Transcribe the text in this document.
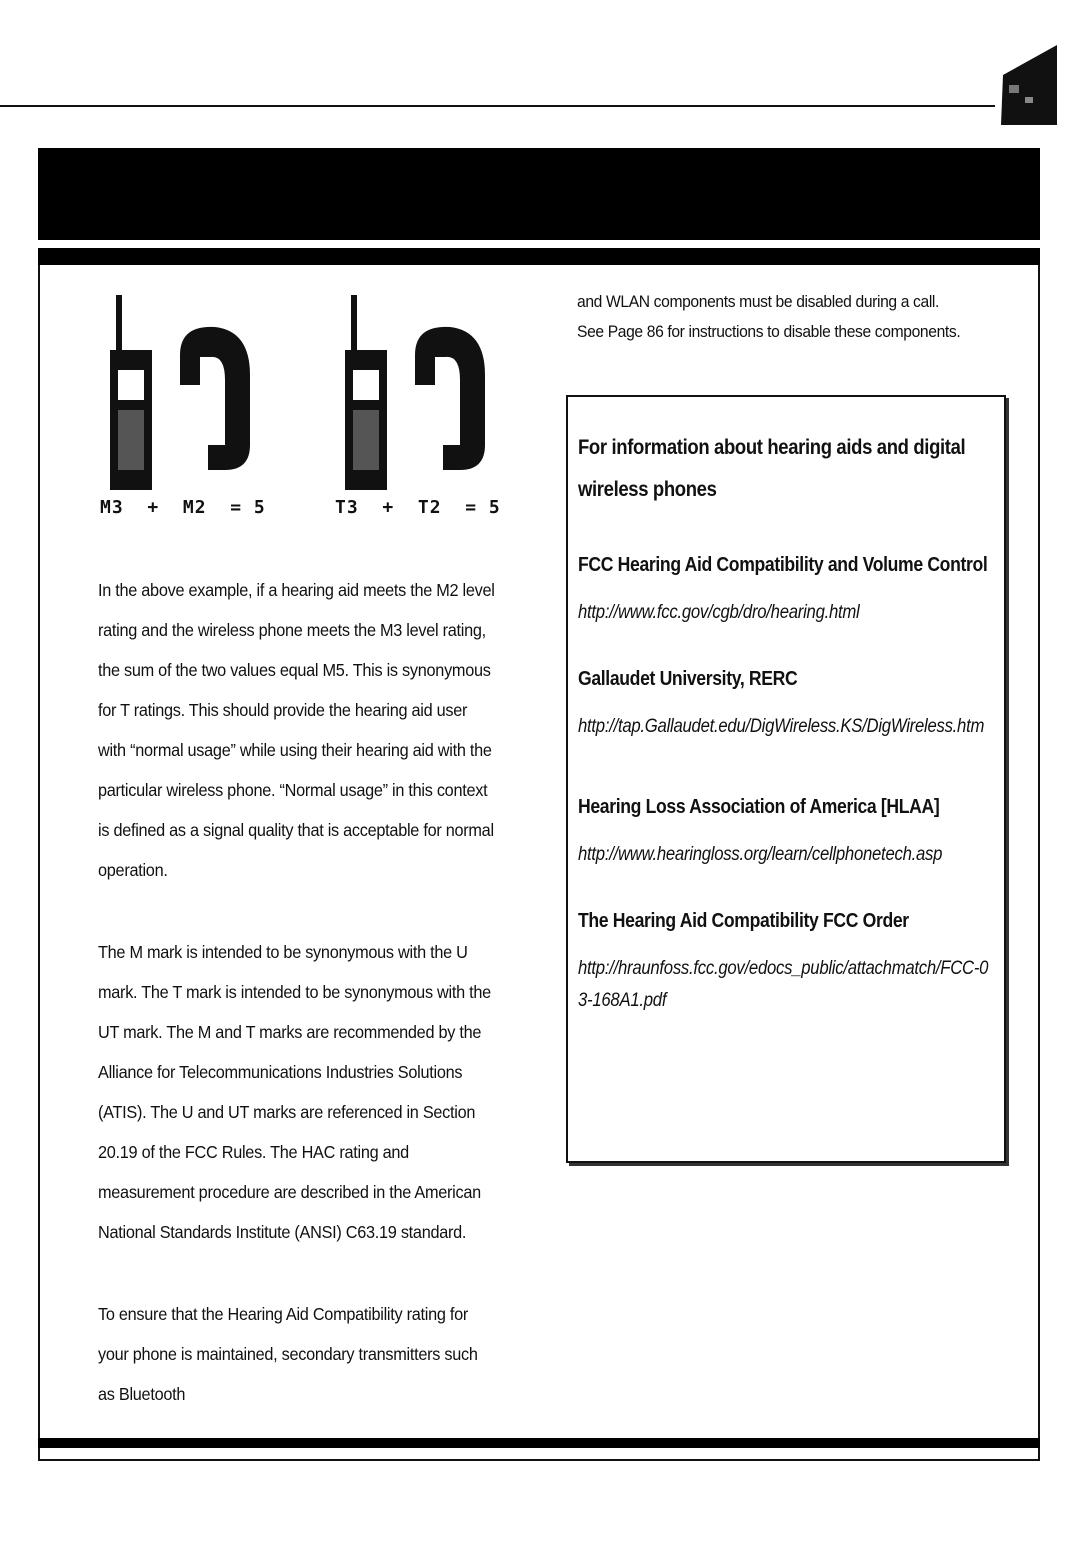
M3  +  M2  = 5	T3  +  T2  = 5

In the above example, if a hearing aid meets the M2 level rating and the wireless phone meets the M3 level rating, the sum of the two values equal M5. This is synonymous for T ratings. This should provide the hearing aid user with “normal usage” while using their hearing aid with the particular wireless phone. “Normal usage” in this context is defined as a signal quality that is acceptable for normal operation.

The M mark is intended to be synonymous with the U mark. The T mark is intended to be synonymous with the UT mark. The M and T marks are recommended by the Alliance for Telecommunications Industries Solutions (ATIS). The U and UT marks are referenced in Section 20.19 of the FCC Rules. The HAC rating and measurement procedure are described in the American National Standards Institute (ANSI) C63.19 standard.

To ensure that the Hearing Aid Compatibility rating for your phone is maintained, secondary transmitters such as Bluetooth

and WLAN components must be disabled during a call.

See Page 86 for instructions to disable these components.

For information about hearing aids and digital wireless phones

FCC Hearing Aid Compatibility and Volume Control

http://www.fcc.gov/cgb/dro/hearing.html

Gallaudet University, RERC

http://tap.Gallaudet.edu/DigWireless.KS/DigWireless.htm

Hearing Loss Association of America [HLAA]

http://www.hearingloss.org/learn/cellphonetech.asp

The Hearing Aid Compatibility FCC Order

http://hraunfoss.fcc.gov/edocs_public/attachmatch/FCC-03-168A1.pdf
